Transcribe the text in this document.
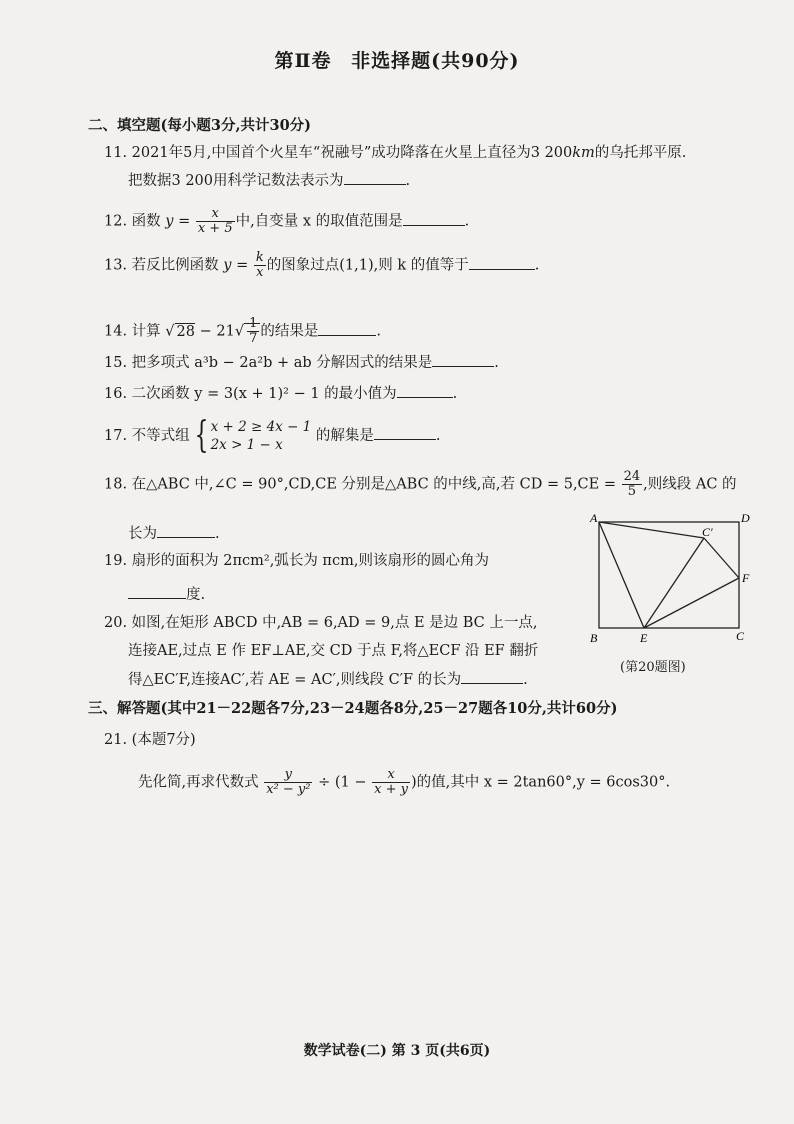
第Ⅱ卷 非选择题(共90分)
二、填空题(每小题3分,共计30分)
11. 2021年5月,中国首个火星车“祝融号”成功降落在火星上直径为3 200km的乌托邦平原.
把数据3 200用科学记数法表示为	.
12. 函数 $y = \frac{x}{x + 5}$ 中,自变量 x 的取值范围是	.
13. 若反比例函数 $y = \frac{k}{x}$ 的图象过点(1,1),则 k 的值等于	.
14. 计算 √ $28 - 21√ \frac{1}{7}$ 的结果是	.
15. 把多项式 a³b − 2a²b + ab 分解因式的结果是	.
16. 二次函数 y = 3(x + 1)² − 1 的最小值为	.
17. 不等式组 { x + 2 ≥ 4x − 1
2x > 1 − x 的解集是	.
18. 在△ABC 中,∠C = 90°,CD,CE 分别是△ABC 的中线,高,若 CD = $5,CE = \frac{24}{5}$ ,则线段 AC 的
长为	.
19. 扇形的面积为 2πcm²,弧长为 πcm,则该扇形的圆心角为
度.
20. 如图,在矩形 ABCD 中,AB = 6,AD = 9,点 E 是边 BC 上一点,
连接AE,过点 E 作 EF⊥AE,交 CD 于点 F,将△ECF 沿 EF 翻折
得△EC′F,连接AC′,若 AE = AC′,则线段 C′F 的长为	.
A	D
B	E	C
F
C′
(第20题图)
三、解答题(其中21－22题各7分,23－24题各8分,25－27题各10分,共计60分)
21. (本题7分)
先化简,再求代数式 $\frac{y}{\text{x² − y²}} \div (1 - \frac{x}{x + y}$ )的值,其中 x = 2tan60°,y = 6cos30°.
数学试卷(二) 第 3 页(共6页)
